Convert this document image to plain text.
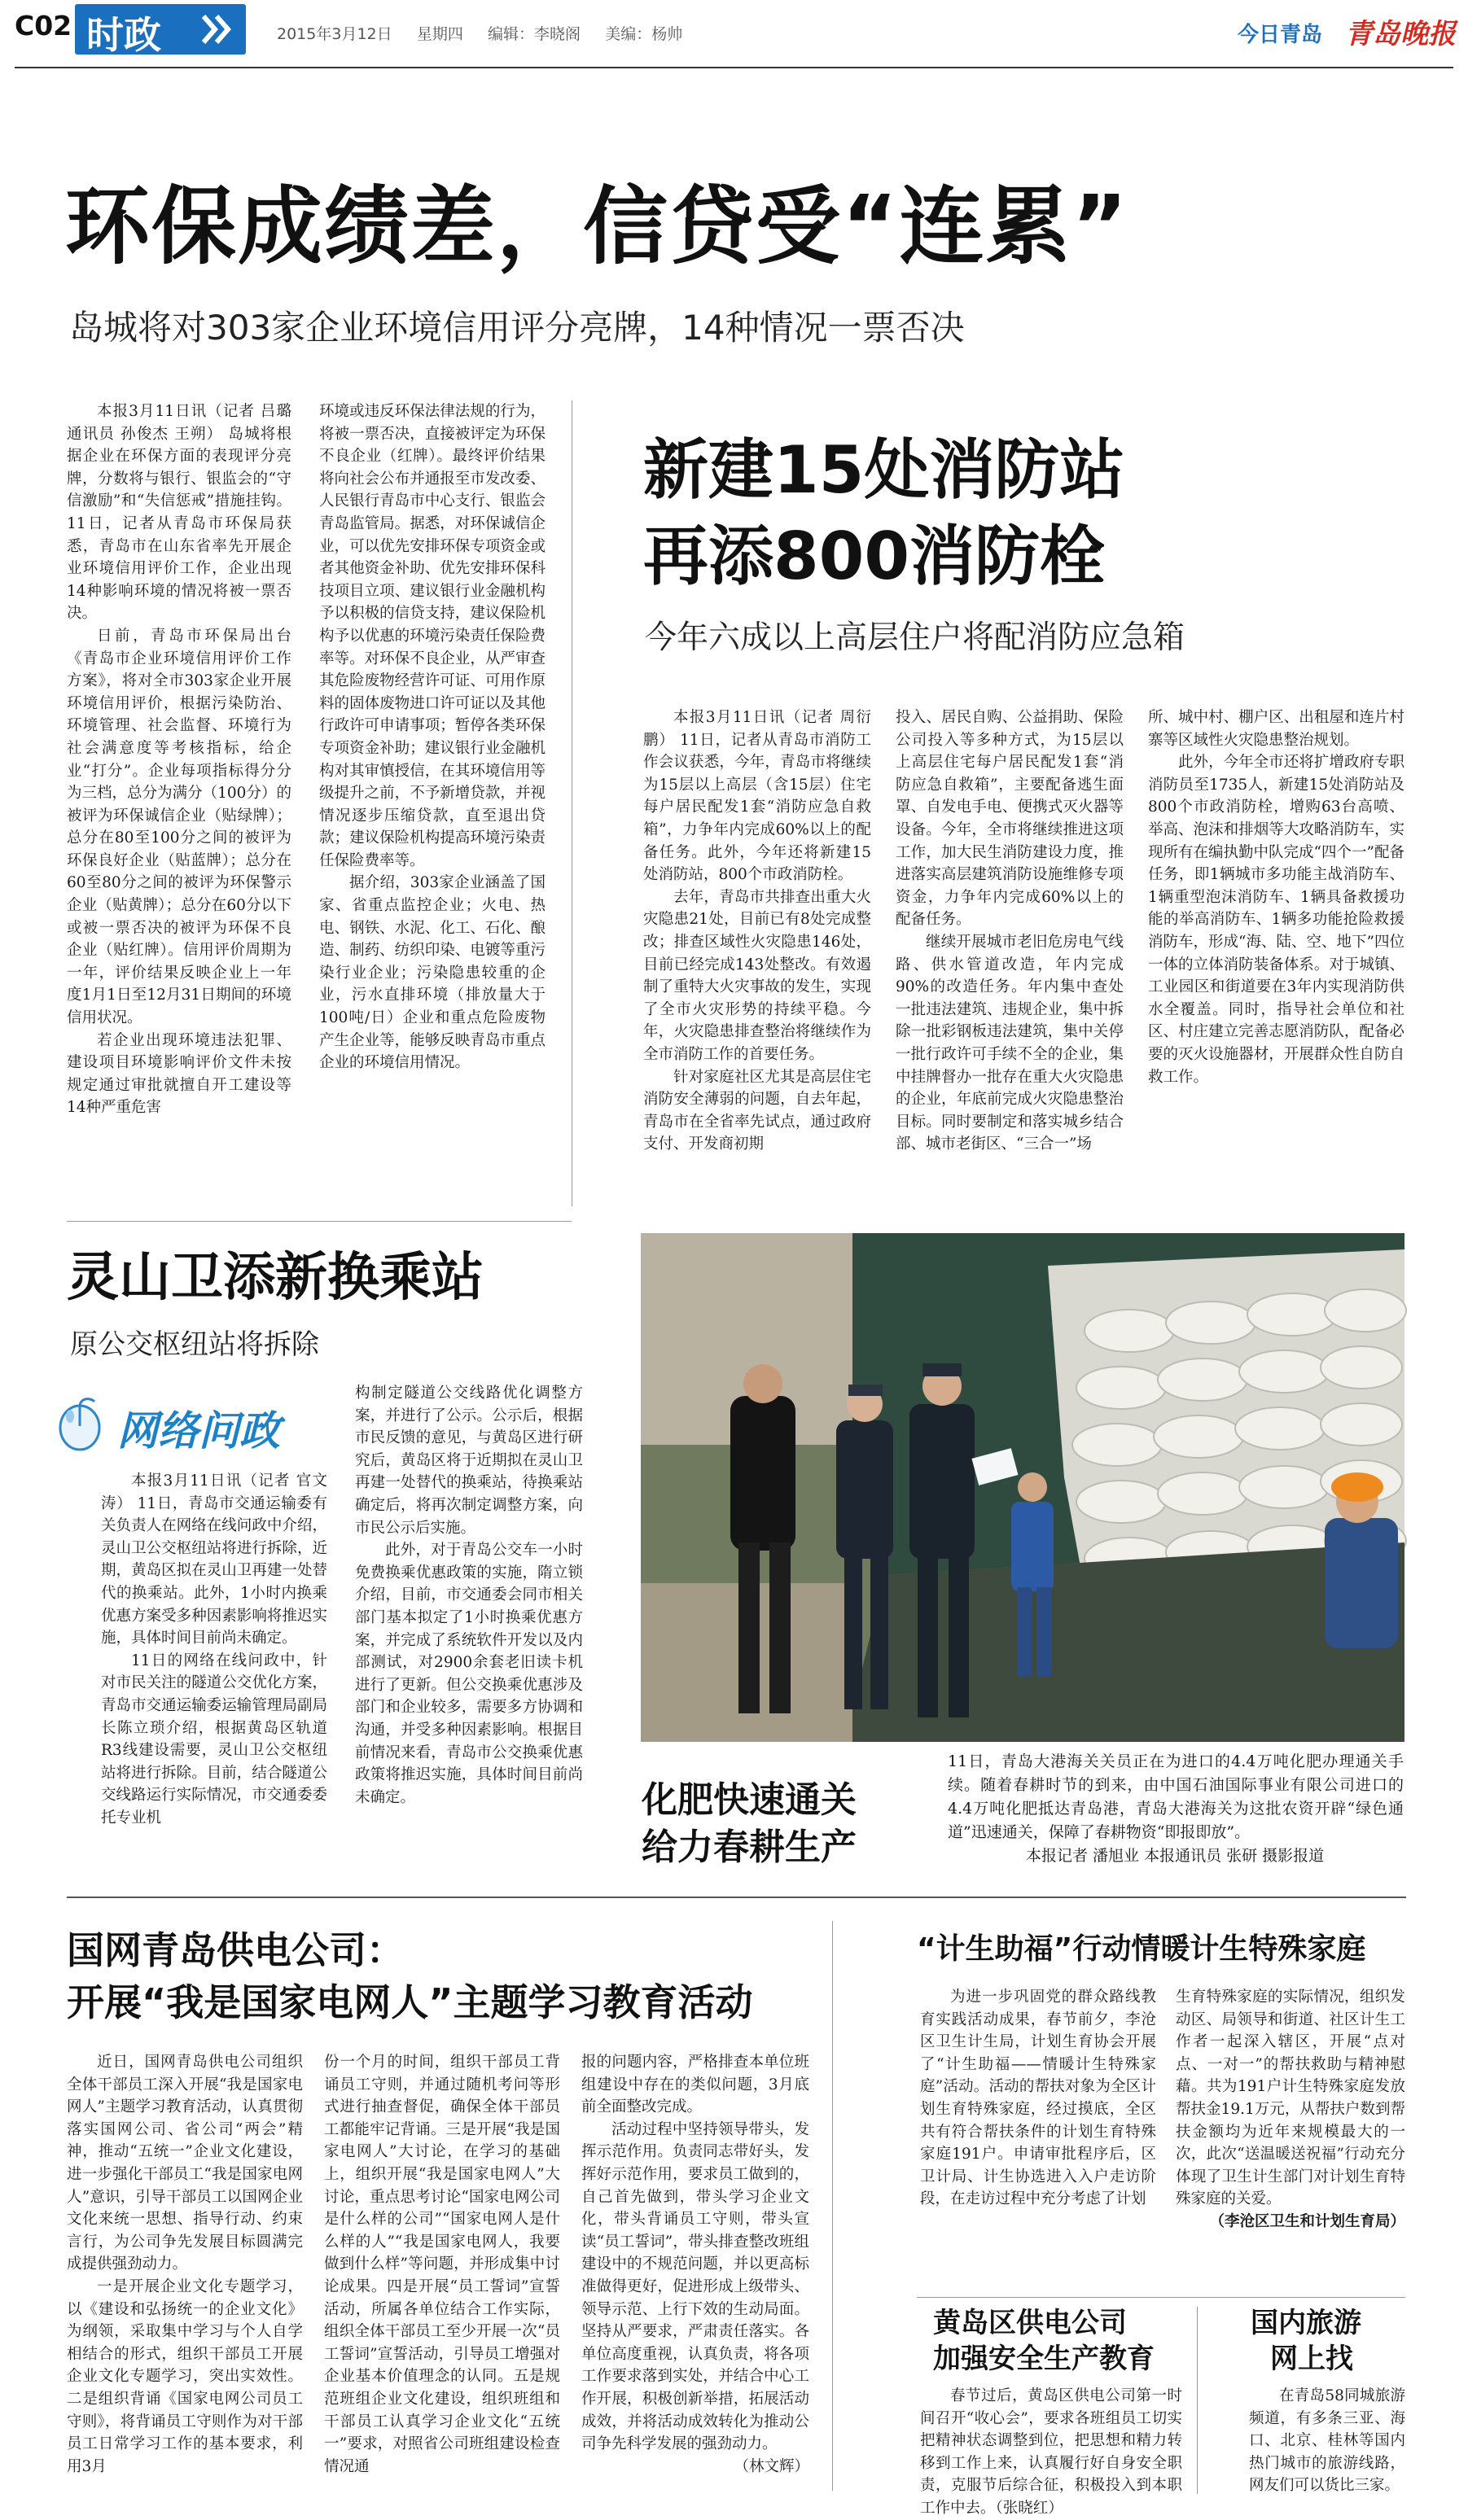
C02 时政	2015年3月12日 星期四 编辑：李晓阁 美编：杨帅	今日青岛 青岛晚报
环保成绩差，信贷受“连累”
岛城将对303家企业环境信用评分亮牌，14种情况一票否决

本报3月11日讯（记者 吕璐 通讯员 孙俊杰 王朔） 岛城将根据企业在环保方面的表现评分亮牌，分数将与银行、银监会的“守信激励”和“失信惩戒”措施挂钩。11日，记者从青岛市环保局获悉，青岛市在山东省率先开展企业环境信用评价工作，企业出现14种影响环境的情况将被一票否决。

日前，青岛市环保局出台《青岛市企业环境信用评价工作方案》，将对全市303家企业开展环境信用评价，根据污染防治、环境管理、社会监督、环境行为社会满意度等考核指标，给企业“打分”。企业每项指标得分分为三档，总分为满分（100分）的被评为环保诚信企业（贴绿牌）；总分在80至100分之间的被评为环保良好企业（贴蓝牌）；总分在60至80分之间的被评为环保警示企业（贴黄牌）；总分在60分以下或被一票否决的被评为环保不良企业（贴红牌）。信用评价周期为一年，评价结果反映企业上一年度1月1日至12月31日期间的环境信用状况。

若企业出现环境违法犯罪、建设项目环境影响评价文件未按规定通过审批就擅自开工建设等14种严重危害

环境或违反环保法律法规的行为，将被一票否决，直接被评定为环保不良企业（红牌）。最终评价结果将向社会公布并通报至市发改委、人民银行青岛市中心支行、银监会青岛监管局。据悉，对环保诚信企业，可以优先安排环保专项资金或者其他资金补助、优先安排环保科技项目立项、建议银行业金融机构予以积极的信贷支持，建议保险机构予以优惠的环境污染责任保险费率等。对环保不良企业，从严审查其危险废物经营许可证、可用作原料的固体废物进口许可证以及其他行政许可申请事项；暂停各类环保专项资金补助；建议银行业金融机构对其审慎授信，在其环境信用等级提升之前，不予新增贷款，并视情况逐步压缩贷款，直至退出贷款；建议保险机构提高环境污染责任保险费率等。

据介绍，303家企业涵盖了国家、省重点监控企业；火电、热电、钢铁、水泥、化工、石化、酿造、制药、纺织印染、电镀等重污染行业企业；污染隐患较重的企业，污水直排环境（排放量大于100吨/日）企业和重点危险废物产生企业等，能够反映青岛市重点企业的环境信用情况。

新建15处消防站
再添800消防栓
今年六成以上高层住户将配消防应急箱

本报3月11日讯（记者 周衍鹏） 11日，记者从青岛市消防工作会议获悉，今年，青岛市将继续为15层以上高层（含15层）住宅每户居民配发1套“消防应急自救箱”，力争年内完成60%以上的配备任务。此外，今年还将新建15处消防站，800个市政消防栓。

去年，青岛市共排查出重大火灾隐患21处，目前已有8处完成整改；排查区域性火灾隐患146处，目前已经完成143处整改。有效遏制了重特大火灾事故的发生，实现了全市火灾形势的持续平稳。今年，火灾隐患排查整治将继续作为全市消防工作的首要任务。

针对家庭社区尤其是高层住宅消防安全薄弱的问题，自去年起，青岛市在全省率先试点，通过政府支付、开发商初期

投入、居民自购、公益捐助、保险公司投入等多种方式，为15层以上高层住宅每户居民配发1套“消防应急自救箱”，主要配备逃生面罩、自发电手电、便携式灭火器等设备。今年，全市将继续推进这项工作，加大民生消防建设力度，推进落实高层建筑消防设施维修专项资金，力争年内完成60%以上的配备任务。

继续开展城市老旧危房电气线路、供水管道改造，年内完成90%的改造任务。年内集中查处一批违法建筑、违规企业，集中拆除一批彩钢板违法建筑，集中关停一批行政许可手续不全的企业，集中挂牌督办一批存在重大火灾隐患的企业，年底前完成火灾隐患整治目标。同时要制定和落实城乡结合部、城市老街区、“三合一”场

所、城中村、棚户区、出租屋和连片村寨等区域性火灾隐患整治规划。

此外，今年全市还将扩增政府专职消防员至1735人，新建15处消防站及800个市政消防栓，增购63台高喷、举高、泡沫和排烟等大攻略消防车，实现所有在编执勤中队完成“四个一”配备任务，即1辆城市多功能主战消防车、1辆重型泡沫消防车、1辆具备救援功能的举高消防车、1辆多功能抢险救援消防车，形成“海、陆、空、地下”四位一体的立体消防装备体系。对于城镇、工业园区和街道要在3年内实现消防供水全覆盖。同时，指导社会单位和社区、村庄建立完善志愿消防队，配备必要的灭火设施器材，开展群众性自防自救工作。

灵山卫添新换乘站
原公交枢纽站将拆除
网络问政

本报3月11日讯（记者 官文涛） 11日，青岛市交通运输委有关负责人在网络在线问政中介绍，灵山卫公交枢纽站将进行拆除，近期，黄岛区拟在灵山卫再建一处替代的换乘站。此外，1小时内换乘优惠方案受多种因素影响将推迟实施，具体时间目前尚未确定。

11日的网络在线问政中，针对市民关注的隧道公交优化方案，青岛市交通运输委运输管理局副局长陈立琐介绍，根据黄岛区轨道R3线建设需要，灵山卫公交枢纽站将进行拆除。目前，结合隧道公交线路运行实际情况，市交通委委托专业机

构制定隧道公交线路优化调整方案，并进行了公示。公示后，根据市民反馈的意见，与黄岛区进行研究后，黄岛区将于近期拟在灵山卫再建一处替代的换乘站，待换乘站确定后，将再次制定调整方案，向市民公示后实施。

此外，对于青岛公交车一小时免费换乘优惠政策的实施，隋立锁介绍，目前，市交通委会同市相关部门基本拟定了1小时换乘优惠方案，并完成了系统软件开发以及内部测试，对2900余套老旧读卡机进行了更新。但公交换乘优惠涉及部门和企业较多，需要多方协调和沟通，并受多种因素影响。根据目前情况来看，青岛市公交换乘优惠政策将推迟实施，具体时间目前尚未确定。

11日，青岛大港海关关员正在为进口的4.4万吨化肥办理通关手续。随着春耕时节的到来，由中国石油国际事业有限公司进口的4.4万吨化肥抵达青岛港，青岛大港海关为这批农资开辟“绿色通道”迅速通关，保障了春耕物资“即报即放”。
本报记者 潘旭业 本报通讯员 张研 摄影报道
化肥快速通关
给力春耕生产
国网青岛供电公司：
开展“我是国家电网人”主题学习教育活动

近日，国网青岛供电公司组织全体干部员工深入开展“我是国家电网人”主题学习教育活动，认真贯彻落实国网公司、省公司“两会”精神，推动“五统一”企业文化建设，进一步强化干部员工“我是国家电网人”意识，引导干部员工以国网企业文化来统一思想、指导行动、约束言行，为公司争先发展目标圆满完成提供强劲动力。

一是开展企业文化专题学习，以《建设和弘扬统一的企业文化》为纲领，采取集中学习与个人自学相结合的形式，组织干部员工开展企业文化专题学习，突出实效性。二是组织背诵《国家电网公司员工守则》，将背诵员工守则作为对干部员工日常学习工作的基本要求，利用3月

份一个月的时间，组织干部员工背诵员工守则，并通过随机考问等形式进行抽查督促，确保全体干部员工都能牢记背诵。三是开展“我是国家电网人”大讨论，在学习的基础上，组织开展“我是国家电网人”大讨论，重点思考讨论“国家电网公司是什么样的公司”“国家电网人是什么样的人”“我是国家电网人，我要做到什么样”等问题，并形成集中讨论成果。四是开展“员工誓词”宣誓活动，所属各单位结合工作实际，组织全体干部员工至少开展一次“员工誓词”宣誓活动，引导员工增强对企业基本价值理念的认同。五是规范班组企业文化建设，组织班组和干部员工认真学习企业文化“五统一”要求，对照省公司班组建设检查情况通

报的问题内容，严格排查本单位班组建设中存在的类似问题，3月底前全面整改完成。

活动过程中坚持领导带头，发挥示范作用。负责同志带好头，发挥好示范作用，要求员工做到的，自己首先做到，带头学习企业文化，带头背诵员工守则，带头宣读“员工誓词”，带头排查整改班组建设中的不规范问题，并以更高标准做得更好，促进形成上级带头、领导示范、上行下效的生动局面。坚持从严要求，严肃责任落实。各单位高度重视，认真负责，将各项工作要求落到实处，并结合中心工作开展，积极创新举措，拓展活动成效，并将活动成效转化为推动公司争先科学发展的强劲动力。

（林文辉）

“计生助福”行动情暖计生特殊家庭

为进一步巩固党的群众路线教育实践活动成果，春节前夕，李沧区卫生计生局，计划生育协会开展了“计生助福——情暖计生特殊家庭”活动。活动的帮扶对象为全区计划生育特殊家庭，经过摸底，全区共有符合帮扶条件的计划生育特殊家庭191户。申请审批程序后，区卫计局、计生协选进入入户走访阶段，在走访过程中充分考虑了计划

生育特殊家庭的实际情况，组织发动区、局领导和街道、社区计生工作者一起深入辖区，开展“点对点、一对一”的帮扶救助与精神慰藉。共为191户计生特殊家庭发放帮扶金19.1万元，从帮扶户数到帮扶金额均为近年来规模最大的一次，此次“送温暖送祝福”行动充分体现了卫生计生部门对计划生育特殊家庭的关爱。

（李沧区卫生和计划生育局）

黄岛区供电公司
加强安全生产教育

春节过后，黄岛区供电公司第一时间召开“收心会”，要求各班组员工切实把精神状态调整到位，把思想和精力转移到工作上来，认真履行好自身安全职责，克服节后综合征，积极投入到本职工作中去。（张晓红）

国内旅游
网上找

在青岛58同城旅游频道，有多条三亚、海口、北京、桂林等国内热门城市的旅游线路，网友们可以货比三家。
